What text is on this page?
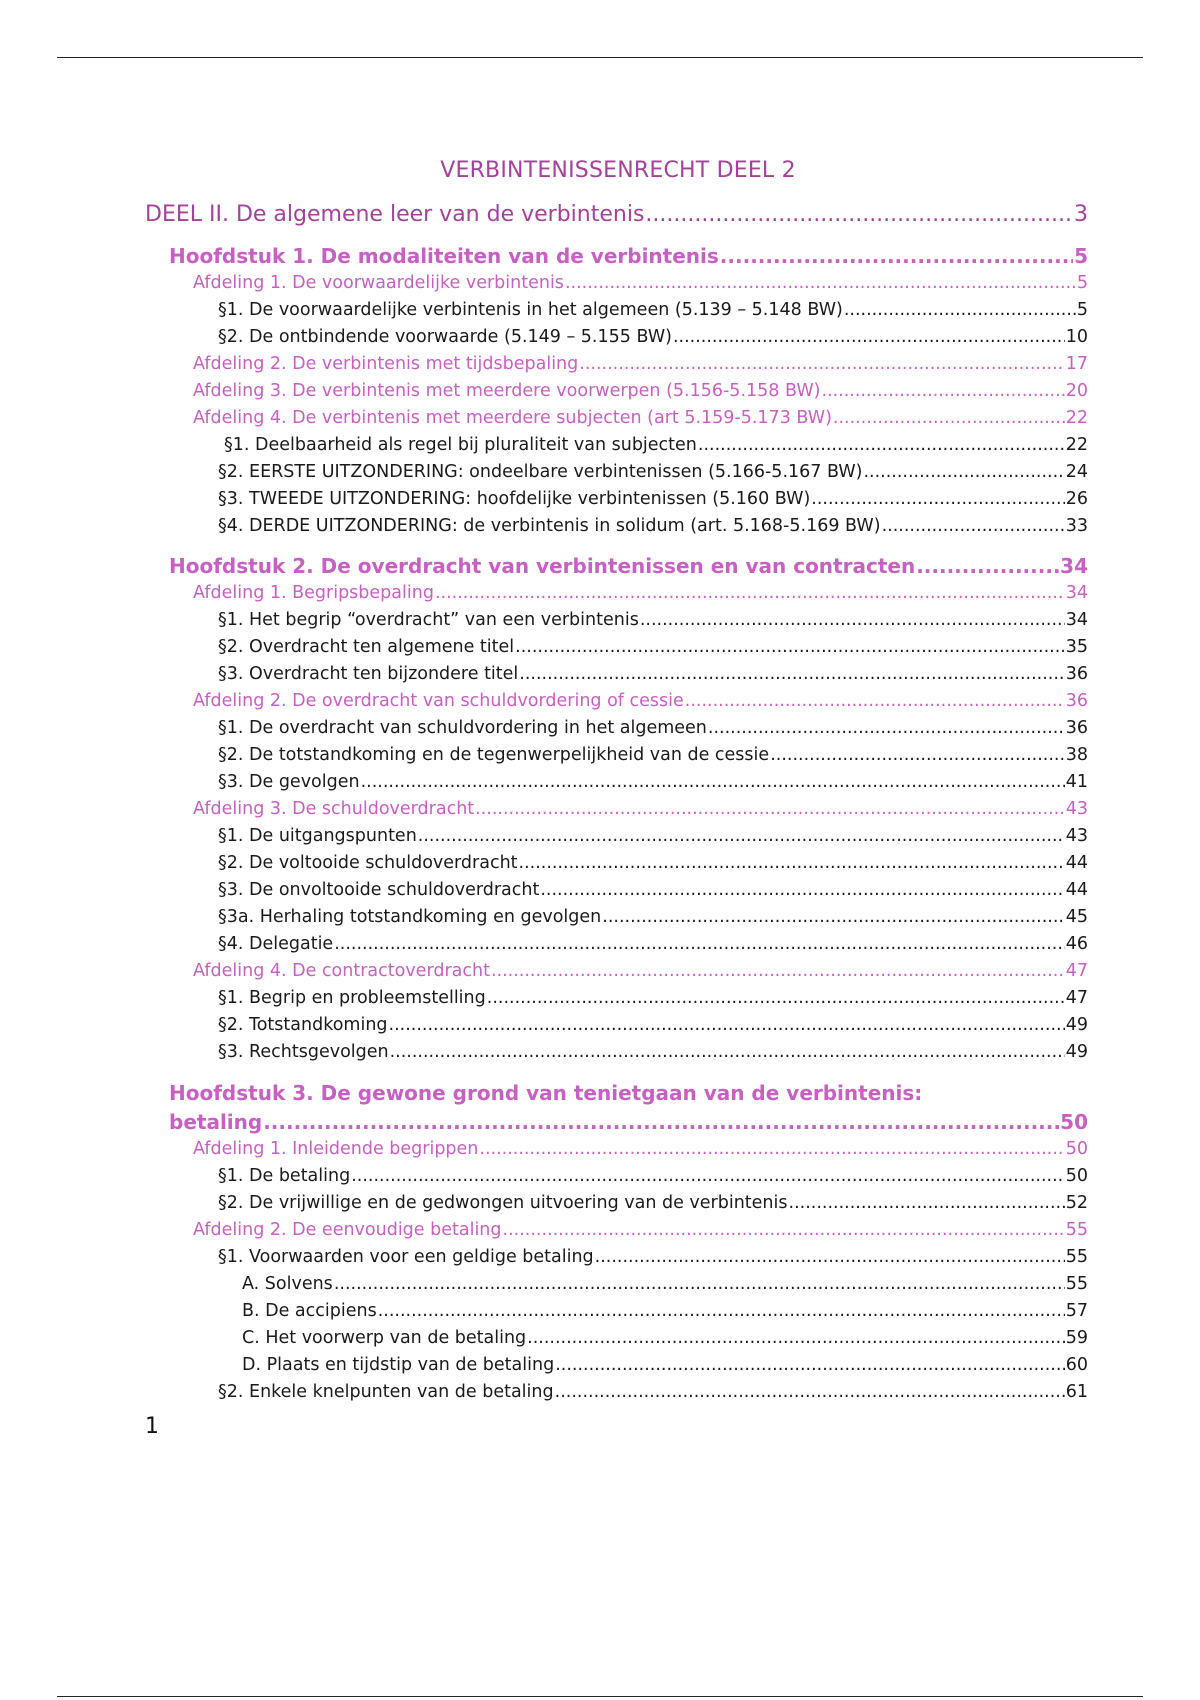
VERBINTENISSENRECHT DEEL 2
DEEL II. De algemene leer van de verbintenis .....	3
Hoofdstuk 1. De modaliteiten van de verbintenis .....	5
Afdeling 1. De voorwaardelijke verbintenis .....	5
§1. De voorwaardelijke verbintenis in het algemeen (5.139 – 5.148 BW) .....	5
§2. De ontbindende voorwaarde (5.149 – 5.155 BW) .....	10
Afdeling 2. De verbintenis met tijdsbepaling .....	17
Afdeling 3. De verbintenis met meerdere voorwerpen (5.156-5.158 BW) .....	20
Afdeling 4. De verbintenis met meerdere subjecten (art 5.159-5.173 BW) .....	22
§1. Deelbaarheid als regel bij pluraliteit van subjecten .....	22
§2. EERSTE UITZONDERING: ondeelbare verbintenissen (5.166-5.167 BW) .....	24
§3. TWEEDE UITZONDERING: hoofdelijke verbintenissen (5.160 BW) .....	26
§4. DERDE UITZONDERING: de verbintenis in solidum (art. 5.168-5.169 BW) .....	33
Hoofdstuk 2. De overdracht van verbintenissen en van contracten .....	34
Afdeling 1. Begripsbepaling .....	34
§1. Het begrip “overdracht” van een verbintenis .....	34
§2. Overdracht ten algemene titel .....	35
§3. Overdracht ten bijzondere titel .....	36
Afdeling 2. De overdracht van schuldvordering of cessie .....	36
§1. De overdracht van schuldvordering in het algemeen .....	36
§2. De totstandkoming en de tegenwerpelijkheid van de cessie .....	38
§3. De gevolgen .....	41
Afdeling 3. De schuldoverdracht .....	43
§1. De uitgangspunten .....	43
§2. De voltooide schuldoverdracht .....	44
§3. De onvoltooide schuldoverdracht .....	44
§3a. Herhaling totstandkoming en gevolgen .....	45
§4. Delegatie .....	46
Afdeling 4. De contractoverdracht .....	47
§1. Begrip en probleemstelling .....	47
§2. Totstandkoming .....	49
§3. Rechtsgevolgen .....	49
Hoofdstuk 3. De gewone grond van tenietgaan van de verbintenis:
betaling .....	50
Afdeling 1. Inleidende begrippen .....	50
§1. De betaling .....	50
§2. De vrijwillige en de gedwongen uitvoering van de verbintenis .....	52
Afdeling 2. De eenvoudige betaling .....	55
§1. Voorwaarden voor een geldige betaling .....	55
A. Solvens .....	55
B. De accipiens .....	57
C. Het voorwerp van de betaling .....	59
D. Plaats en tijdstip van de betaling .....	60
§2. Enkele knelpunten van de betaling .....	61
1
